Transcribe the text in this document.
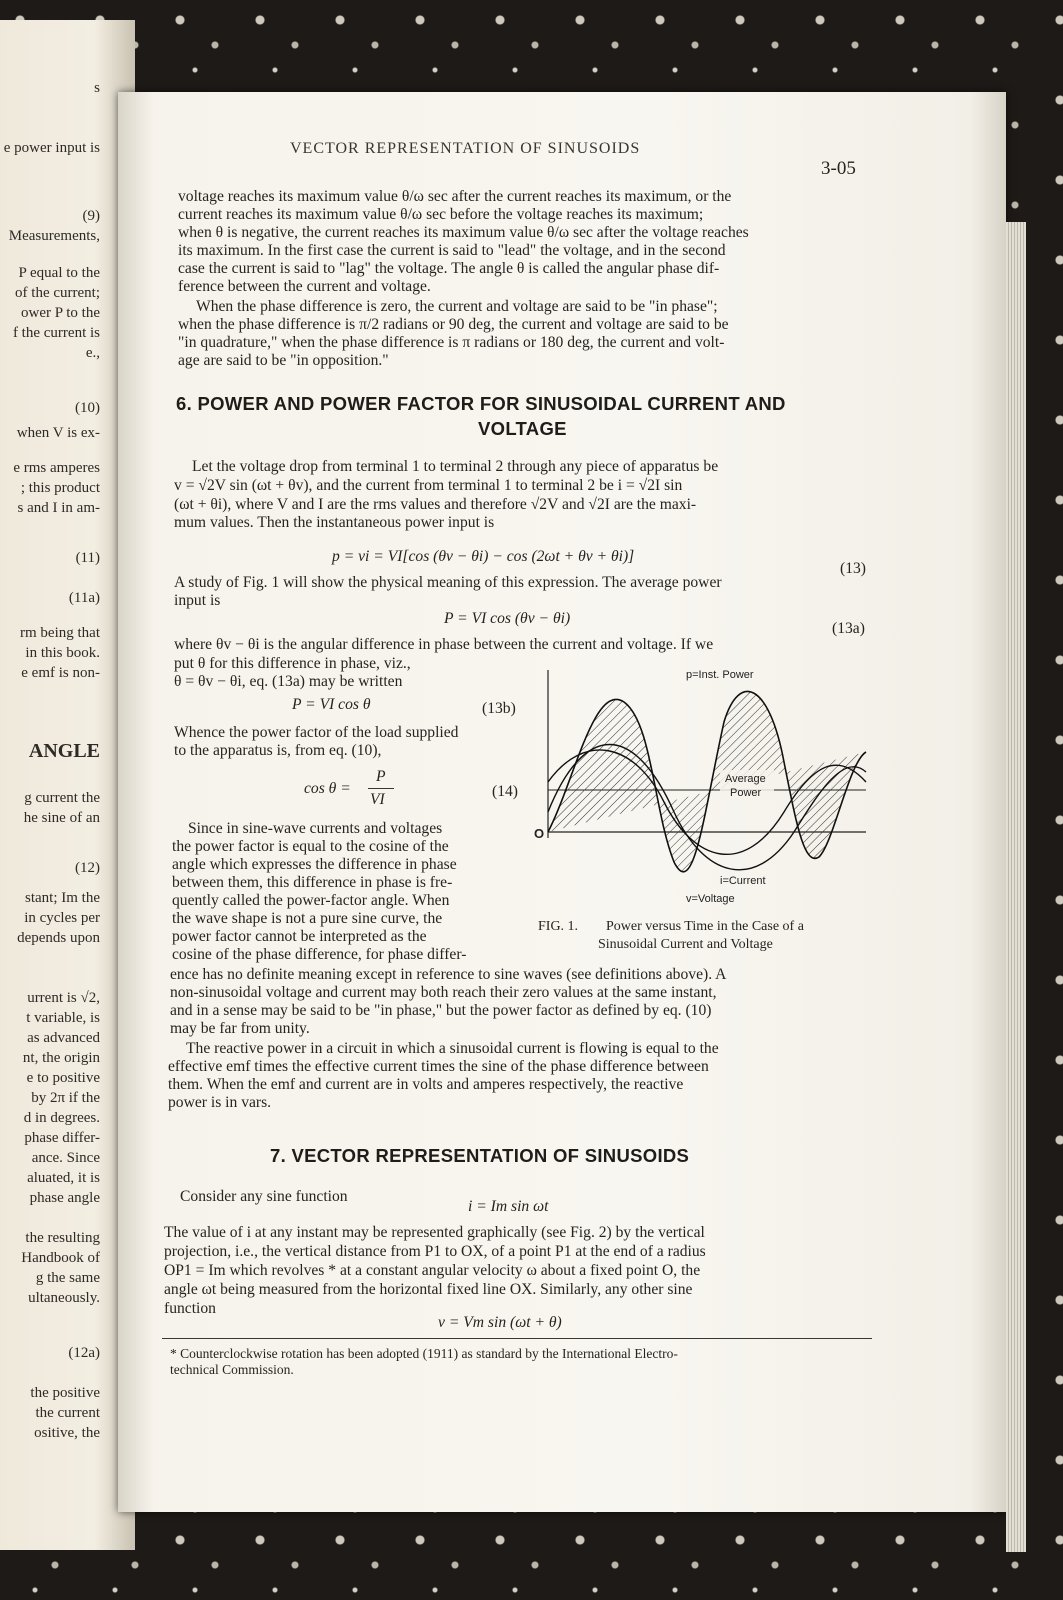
s
e power input is
(9)
Measurements,
P equal to the
of the current;
ower P to the
f the current is
e.,
(10)
when V is ex-
e rms amperes
; this product
s and I in am-
(11)
(11a)
rm being that
in this book.
e emf is non-
ANGLE
g current the
he sine of an
(12)
stant; Im the
in cycles per
depends upon
urrent is √2,
t variable, is
as advanced
nt, the origin
e to positive
by 2π if the
d in degrees.
phase differ-
ance. Since
aluated, it is
phase angle
the resulting
Handbook of
g the same
ultaneously.
(12a)
the positive
the current
ositive, the
VECTOR REPRESENTATION OF SINUSOIDS
3-05
voltage reaches its maximum value θ/ω sec after the current reaches its maximum, or the
current reaches its maximum value θ/ω sec before the voltage reaches its maximum;
when θ is negative, the current reaches its maximum value θ/ω sec after the voltage reaches
its maximum. In the first case the current is said to "lead" the voltage, and in the second
case the current is said to "lag" the voltage. The angle θ is called the angular phase dif-
ference between the current and voltage.
When the phase difference is zero, the current and voltage are said to be "in phase";
when the phase difference is π/2 radians or 90 deg, the current and voltage are said to be
"in quadrature," when the phase difference is π radians or 180 deg, the current and volt-
age are said to be "in opposition."
6. POWER AND POWER FACTOR FOR SINUSOIDAL CURRENT AND
VOLTAGE
Let the voltage drop from terminal 1 to terminal 2 through any piece of apparatus be
v = √2V sin (ωt + θv), and the current from terminal 1 to terminal 2 be i = √2I sin
(ωt + θi), where V and I are the rms values and therefore √2V and √2I are the maxi-
mum values. Then the instantaneous power input is
p = vi = VI[cos (θv − θi) − cos (2ωt + θv + θi)]
(13)
A study of Fig. 1 will show the physical meaning of this expression. The average power
input is
P = VI cos (θv − θi)
(13a)
where θv − θi is the angular difference in phase between the current and voltage. If we
put θ for this difference in phase, viz.,
θ = θv − θi, eq. (13a) may be written
P = VI cos θ	(13b)
Whence the power factor of the load supplied
to the apparatus is, from eq. (10),
cos θ =
P
VI	(14)
Since in sine-wave currents and voltages
the power factor is equal to the cosine of the
angle which expresses the difference in phase
between them, this difference in phase is fre-
quently called the power-factor angle. When
the wave shape is not a pure sine curve, the
power factor cannot be interpreted as the
cosine of the phase difference, for phase differ-
p=Inst. Power
Average
Power
i=Current
v=Voltage
O
FIG. 1. Power versus Time in the Case of a
Sinusoidal Current and Voltage
ence has no definite meaning except in reference to sine waves (see definitions above). A
non-sinusoidal voltage and current may both reach their zero values at the same instant,
and in a sense may be said to be "in phase," but the power factor as defined by eq. (10)
may be far from unity.
The reactive power in a circuit in which a sinusoidal current is flowing is equal to the
effective emf times the effective current times the sine of the phase difference between
them. When the emf and current are in volts and amperes respectively, the reactive
power is in vars.
7. VECTOR REPRESENTATION OF SINUSOIDS
Consider any sine function
i = Im sin ωt
The value of i at any instant may be represented graphically (see Fig. 2) by the vertical
projection, i.e., the vertical distance from P1 to OX, of a point P1 at the end of a radius
OP1 = Im which revolves * at a constant angular velocity ω about a fixed point O, the
angle ωt being measured from the horizontal fixed line OX. Similarly, any other sine
function
v = Vm sin (ωt + θ)
* Counterclockwise rotation has been adopted (1911) as standard by the International Electro-
technical Commission.
